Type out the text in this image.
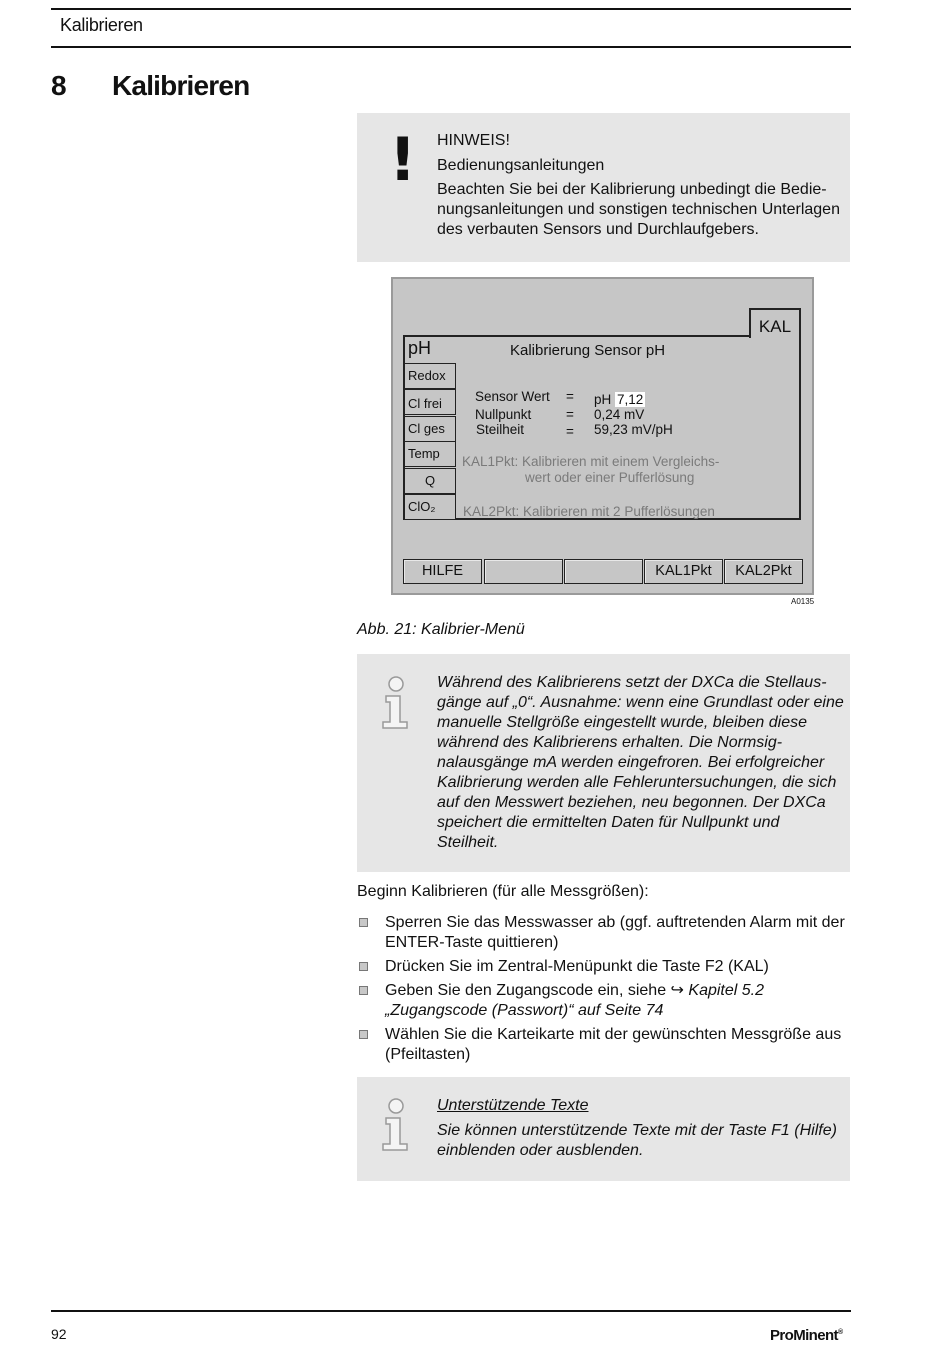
Kalibrieren
8 Kalibrieren
! HINWEIS!
Bedienungsanleitungen
Beachten Sie bei der Kalibrierung unbedingt die Bedienungsanleitungen und sonstigen technischen Unterlagen des verbauten Sensors und Durchlaufgebers.
KAL
pH	Kalibrierung Sensor pH
Redox
Cl frei
Cl ges
Temp
Q
ClO₂
Sensor Wert = pH 7,12
Nullpunkt	= 0,24 mV
Steilheit	= 59,23 mV/pH
KAL1Pkt: Kalibrieren mit einem Vergleichs-
wert oder einer Pufferlösung
KAL2Pkt: Kalibrieren mit 2 Pufferlösungen
HILFE	KAL1Pkt	KAL2Pkt
A0135
Abb. 21: Kalibrier-Menü
Während des Kalibrierens setzt der DXCa die Stellausgänge auf „0“. Ausnahme: wenn eine Grundlast oder eine manuelle Stellgröße eingestellt wurde, bleiben diese während des Kalibrierens erhalten. Die Normsignalausgänge mA werden eingefroren. Bei erfolgreicher Kalibrierung werden alle Fehleruntersuchungen, die sich auf den Messwert beziehen, neu begonnen. Der DXCa speichert die ermittelten Daten für Nullpunkt und Steilheit.
Beginn Kalibrieren (für alle Messgrößen):
Sperren Sie das Messwasser ab (ggf. auftretenden Alarm mit der ENTER-Taste quittieren)
Drücken Sie im Zentral-Menüpunkt die Taste F2 (KAL)
Geben Sie den Zugangscode ein, siehe ↪ Kapitel 5.2 „Zugangscode (Passwort)“ auf Seite 74
Wählen Sie die Karteikarte mit der gewünschten Messgröße aus (Pfeiltasten)
Unterstützende Texte
Sie können unterstützende Texte mit der Taste F1 (Hilfe) einblenden oder ausblenden.
92	ProMinent®
